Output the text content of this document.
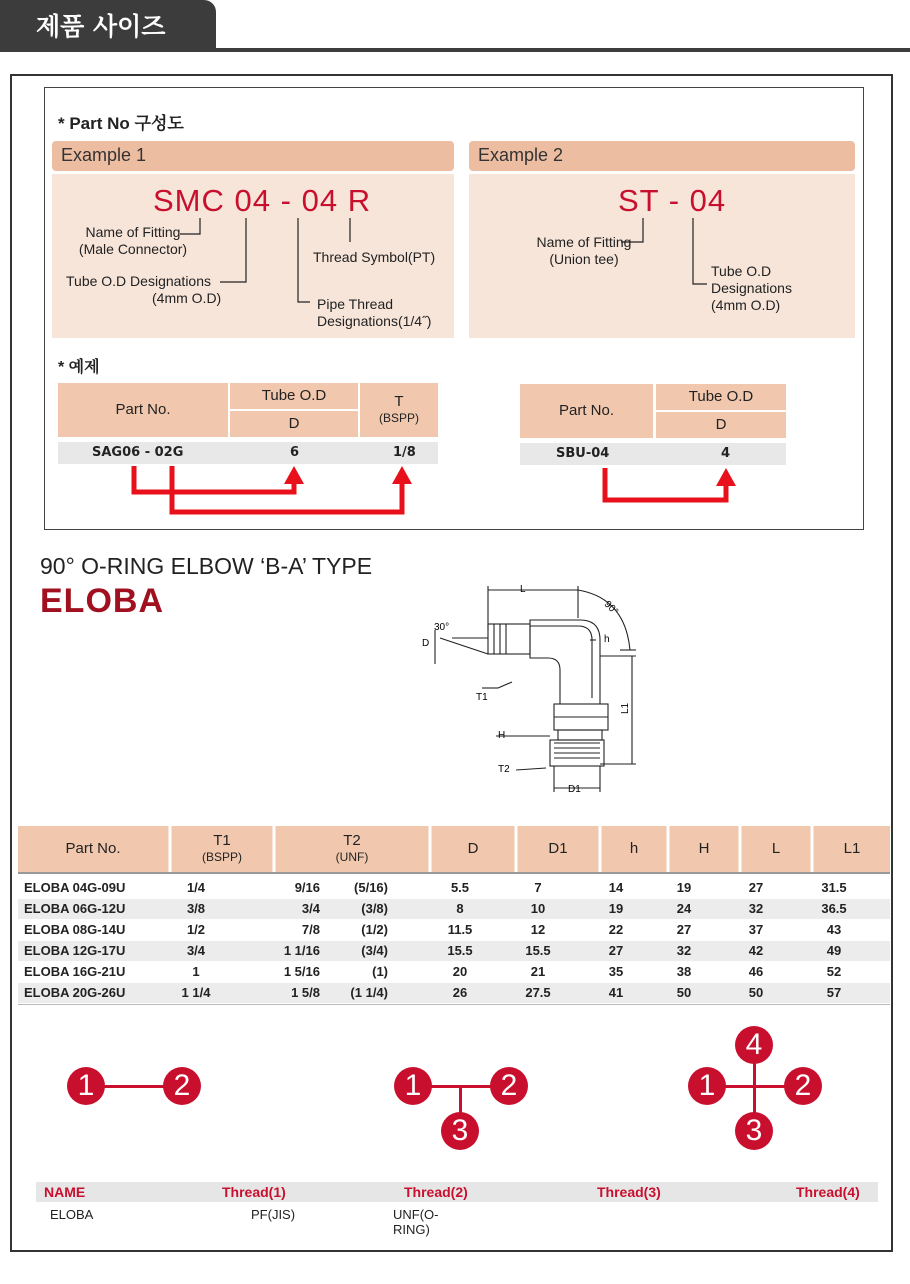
제품 사이즈
* Part No 구성도
Example 1
SMC 04 - 04 R
Name of Fitting
(Male Connector)
Tube O.D Designations
(4mm O.D)
Thread Symbol(PT)
Pipe Thread
Designations(1/4˝)
Example 2
ST - 04
Name of Fitting
(Union tee)
Tube O.D
Designations
(4mm O.D)
* 예제
Part No.
Tube O.D
D
T
(BSPP)
SAG06 - 02G	6	1/8
Part No.
Tube O.D
D
SBU-04	4
90° O-RING ELBOW ‘B-A’ TYPE
ELOBA	L
90°
30°
D	h
T1
H
T2
D1
L1
Part No.	T1
(BSPP)
T2
(UNF)	D	D1	h	H	L	L1
ELOBA 04G-09U	1/4	9/16	(5/16)	5.5	7	14	19	27	31.5
ELOBA 06G-12U	3/8	3/4	(3/8)	8	10	19	24	32	36.5
ELOBA 08G-14U	1/2	7/8	(1/2)	11.5	12	22	27	37	43
ELOBA 12G-17U	3/4	1 1/16	(3/4)	15.5	15.5	27	32	42	49
ELOBA 16G-21U	1	1 5/16	(1)	20	21	35	38	46	52
ELOBA 20G-26U	1 1/4	1 5/8 (1 1/4)	26	27.5	41	50	50	57
1	2	1	2
3
4
1	2
3
NAME	Thread(1)	Thread(2)	Thread(3)	Thread(4)
ELOBA	PF(JIS)	UNF(O-RING)
